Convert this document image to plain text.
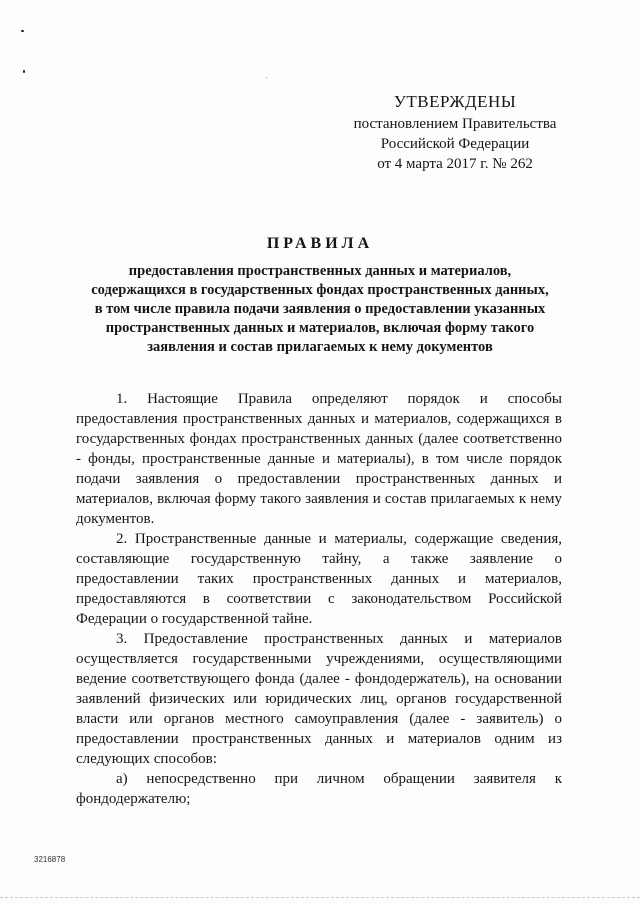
УТВЕРЖДЕНЫ
постановлением Правительства
Российской Федерации
от 4 марта 2017 г. № 262
ПРАВИЛА
предоставления пространственных данных и материалов,
содержащихся в государственных фондах пространственных данных,
в том числе правила подачи заявления о предоставлении указанных
пространственных данных и материалов, включая форму такого
заявления и состав прилагаемых к нему документов

1. Настоящие Правила определяют порядок и способы предоставления пространственных данных и материалов, содержащихся в государственных фондах пространственных данных (далее соответственно - фонды, пространственные данные и материалы), в том числе порядок подачи заявления о предоставлении пространственных данных и материалов, включая форму такого заявления и состав прилагаемых к нему документов.

2. Пространственные данные и материалы, содержащие сведения, составляющие государственную тайну, а также заявление о предоставлении таких пространственных данных и материалов, предоставляются в соответствии с законодательством Российской Федерации о государственной тайне.

3. Предоставление пространственных данных и материалов осуществляется государственными учреждениями, осуществляющими ведение соответствующего фонда (далее - фондодержатель), на основании заявлений физических или юридических лиц, органов государственной власти или органов местного самоуправления (далее - заявитель) о предоставлении пространственных данных и материалов одним из следующих способов:

а) непосредственно при личном обращении заявителя к фондодержателю;

3216878
